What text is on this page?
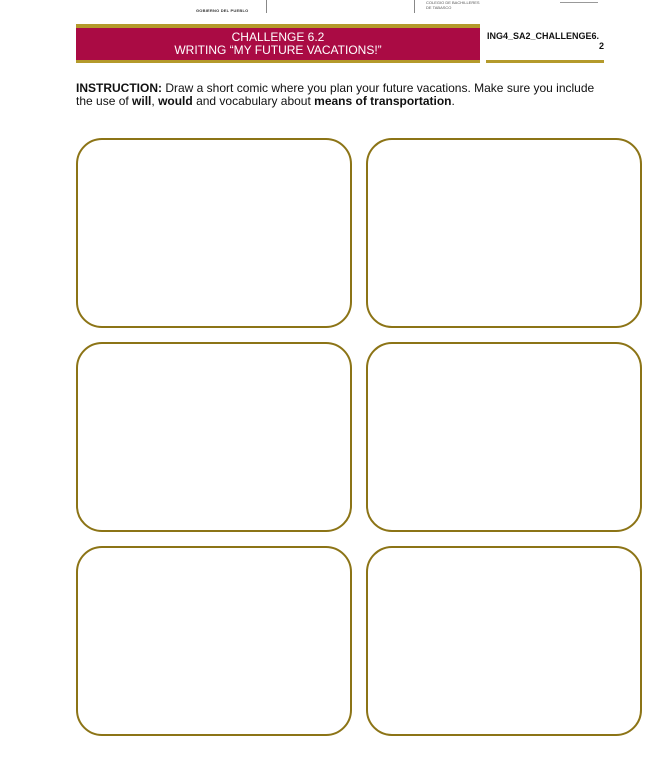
GOBIERNO DEL PUEBLO
COLEGIO DE BACHILLERES
DE TABASCO
CHALLENGE 6.2
WRITING “MY FUTURE VACATIONS!”
ING4_SA2_CHALLENGE6.
2
INSTRUCTION: Draw a short comic where you plan your future vacations. Make sure you include the use of will, would and vocabulary about means of transportation.
